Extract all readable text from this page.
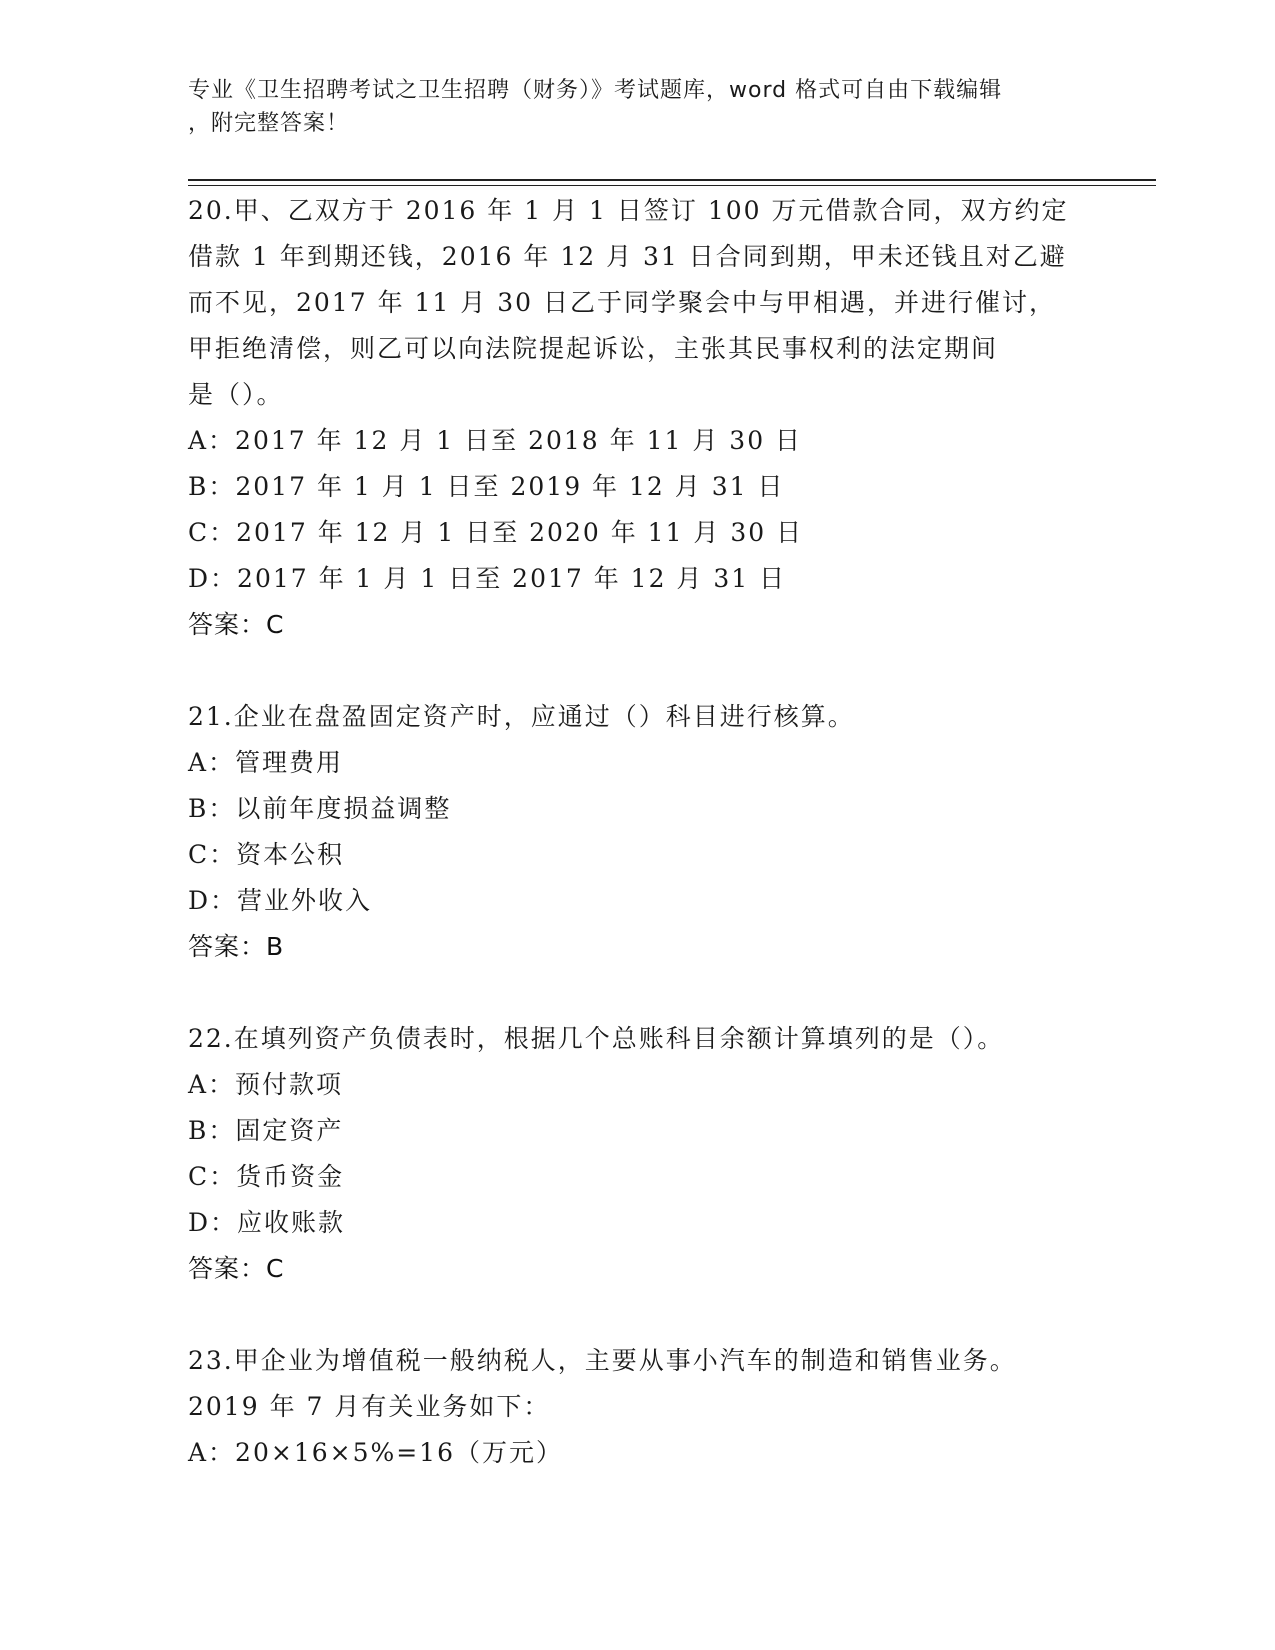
专业《卫生招聘考试之卫生招聘（财务）》考试题库，word 格式可自由下载编辑
，附完整答案！
20.甲、乙双方于 2016 年 1 月 1 日签订 100 万元借款合同，双方约定
借款 1 年到期还钱，2016 年 12 月 31 日合同到期，甲未还钱且对乙避
而不见，2017 年 11 月 30 日乙于同学聚会中与甲相遇，并进行催讨，
甲拒绝清偿，则乙可以向法院提起诉讼，主张其民事权利的法定期间
是（）。
A：2017 年 12 月 1 日至 2018 年 11 月 30 日
B：2017 年 1 月 1 日至 2019 年 12 月 31 日
C：2017 年 12 月 1 日至 2020 年 11 月 30 日
D：2017 年 1 月 1 日至 2017 年 12 月 31 日
答案：C
21.企业在盘盈固定资产时，应通过（）科目进行核算。
A：管理费用
B：以前年度损益调整
C：资本公积
D：营业外收入
答案：B
22.在填列资产负债表时，根据几个总账科目余额计算填列的是（）。
A：预付款项
B：固定资产
C：货币资金
D：应收账款
答案：C
23.甲企业为增值税一般纳税人，主要从事小汽车的制造和销售业务。
2019 年 7 月有关业务如下：
A：20×16×5%=16（万元）
